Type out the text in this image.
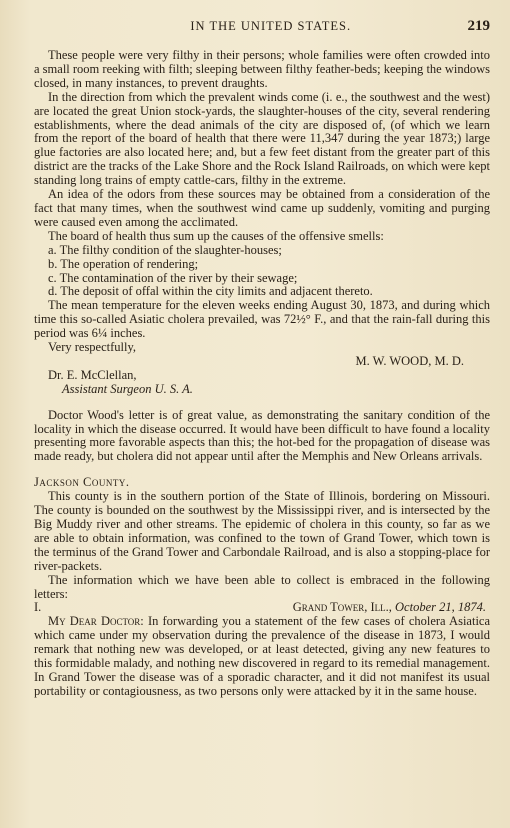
IN THE UNITED STATES.	219

These people were very filthy in their persons; whole families were often crowded into a small room reeking with filth; sleeping between filthy feather-beds; keeping the windows closed, in many instances, to prevent draughts.

In the direction from which the prevalent winds come (i. e., the southwest and the west) are located the great Union stock-yards, the slaughter-houses of the city, several rendering establishments, where the dead animals of the city are disposed of, (of which we learn from the report of the board of health that there were 11,347 during the year 1873;) large glue factories are also located here; and, but a few feet distant from the greater part of this district are the tracks of the Lake Shore and the Rock Island Railroads, on which were kept standing long trains of empty cattle-cars, filthy in the extreme.

An idea of the odors from these sources may be obtained from a consideration of the fact that many times, when the southwest wind came up suddenly, vomiting and purging were caused even among the acclimated.

The board of health thus sum up the causes of the offensive smells:

a. The filthy condition of the slaughter-houses;
b. The operation of rendering;
c. The contamination of the river by their sewage;
d. The deposit of offal within the city limits and adjacent thereto.

The mean temperature for the eleven weeks ending August 30, 1873, and during which time this so-called Asiatic cholera prevailed, was 72½° F., and that the rain-fall during this period was 6¼ inches.

Very respectfully,

M. W. WOOD, M. D.
Dr. E. McClellan,
Assistant Surgeon U. S. A.

Doctor Wood's letter is of great value, as demonstrating the sanitary condition of the locality in which the disease occurred. It would have been difficult to have found a locality presenting more favorable aspects than this; the hot-bed for the propagation of disease was made ready, but cholera did not appear until after the Memphis and New Orleans arrivals.

Jackson County.

This county is in the southern portion of the State of Illinois, bordering on Missouri. The county is bounded on the southwest by the Mississippi river, and is intersected by the Big Muddy river and other streams. The epidemic of cholera in this county, so far as we are able to obtain information, was confined to the town of Grand Tower, which town is the terminus of the Grand Tower and Carbondale Railroad, and is also a stopping-place for river-packets.

The information which we have been able to collect is embraced in the following letters:

I.	Grand Tower, Ill., October 21, 1874.

My Dear Doctor: In forwarding you a statement of the few cases of cholera Asiatica which came under my observation during the prevalence of the disease in 1873, I would remark that nothing new was developed, or at least detected, giving any new features to this formidable malady, and nothing new discovered in regard to its remedial management. In Grand Tower the disease was of a sporadic character, and it did not manifest its usual portability or contagiousness, as two persons only were attacked by it in the same house.
